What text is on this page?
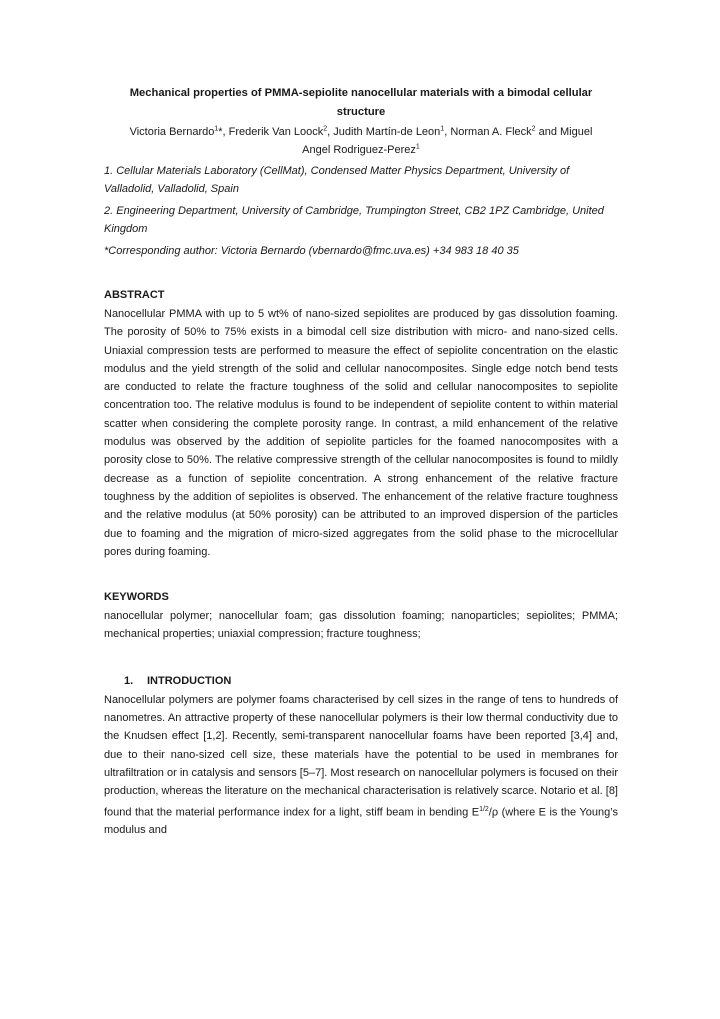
Mechanical properties of PMMA-sepiolite nanocellular materials with a bimodal cellular
structure
Victoria Bernardo$^1$*, Frederik Van Loock$^2$, Judith Martín-de Leon$^1$, Norman A. Fleck$^2$ and Miguel
Angel Rodriguez-Perez$^1$

1. Cellular Materials Laboratory (CellMat), Condensed Matter Physics Department, University of Valladolid, Valladolid, Spain

2. Engineering Department, University of Cambridge, Trumpington Street, CB2 1PZ Cambridge, United Kingdom

*Corresponding author: Victoria Bernardo (vbernardo@fmc.uva.es) +34 983 18 40 35

ABSTRACT

Nanocellular PMMA with up to 5 wt% of nano-sized sepiolites are produced by gas dissolution foaming. The porosity of 50% to 75% exists in a bimodal cell size distribution with micro- and nano-sized cells. Uniaxial compression tests are performed to measure the effect of sepiolite concentration on the elastic modulus and the yield strength of the solid and cellular nanocomposites. Single edge notch bend tests are conducted to relate the fracture toughness of the solid and cellular nanocomposites to sepiolite concentration too. The relative modulus is found to be independent of sepiolite content to within material scatter when considering the complete porosity range. In contrast, a mild enhancement of the relative modulus was observed by the addition of sepiolite particles for the foamed nanocomposites with a porosity close to 50%. The relative compressive strength of the cellular nanocomposites is found to mildly decrease as a function of sepiolite concentration. A strong enhancement of the relative fracture toughness by the addition of sepiolites is observed. The enhancement of the relative fracture toughness and the relative modulus (at 50% porosity) can be attributed to an improved dispersion of the particles due to foaming and the migration of micro-sized aggregates from the solid phase to the microcellular pores during foaming.

KEYWORDS

nanocellular polymer; nanocellular foam; gas dissolution foaming; nanoparticles; sepiolites; PMMA; mechanical properties; uniaxial compression; fracture toughness;

1. INTRODUCTION

Nanocellular polymers are polymer foams characterised by cell sizes in the range of tens to hundreds of nanometres. An attractive property of these nanocellular polymers is their low thermal conductivity due to the Knudsen effect [1,2]. Recently, semi-transparent nanocellular foams have been reported [3,4] and, due to their nano-sized cell size, these materials have the potential to be used in membranes for ultrafiltration or in catalysis and sensors [5–7]. Most research on nanocellular polymers is focused on their production, whereas the literature on the mechanical characterisation is relatively scarce. Notario et al. [8] found that the material performance index for a light, stiff beam in bending $E^{1/2}/\rho$ (where E is the Young’s modulus and
